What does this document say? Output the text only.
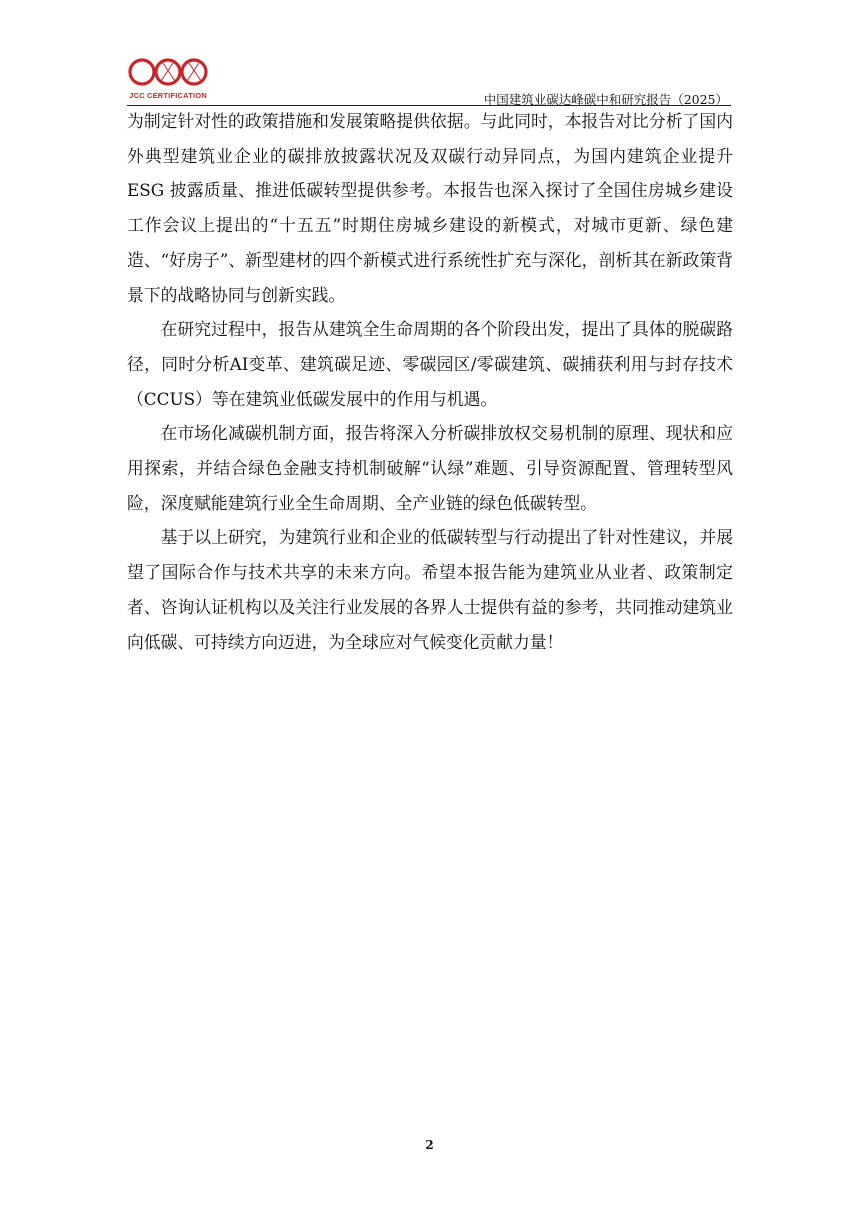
JCC CERTIFICATION	中国建筑业碳达峰碳中和研究报告（2025）

为制定针对性的政策措施和发展策略提供依据。与此同时，本报告对比分析了国内外典型建筑业企业的碳排放披露状况及双碳行动异同点，为国内建筑企业提升 ESG 披露质量、推进低碳转型提供参考。本报告也深入探讨了全国住房城乡建设工作会议上提出的“十五五”时期住房城乡建设的新模式，对城市更新、绿色建造、“好房子”、新型建材的四个新模式进行系统性扩充与深化，剖析其在新政策背景下的战略协同与创新实践。

在研究过程中，报告从建筑全生命周期的各个阶段出发，提出了具体的脱碳路径，同时分析AI变革、建筑碳足迹、零碳园区/零碳建筑、碳捕获利用与封存技术（CCUS）等在建筑业低碳发展中的作用与机遇。

在市场化减碳机制方面，报告将深入分析碳排放权交易机制的原理、现状和应用探索，并结合绿色金融支持机制破解“认绿”难题、引导资源配置、管理转型风险，深度赋能建筑行业全生命周期、全产业链的绿色低碳转型。

基于以上研究，为建筑行业和企业的低碳转型与行动提出了针对性建议，并展望了国际合作与技术共享的未来方向。希望本报告能为建筑业从业者、政策制定者、咨询认证机构以及关注行业发展的各界人士提供有益的参考，共同推动建筑业向低碳、可持续方向迈进，为全球应对气候变化贡献力量！

2
